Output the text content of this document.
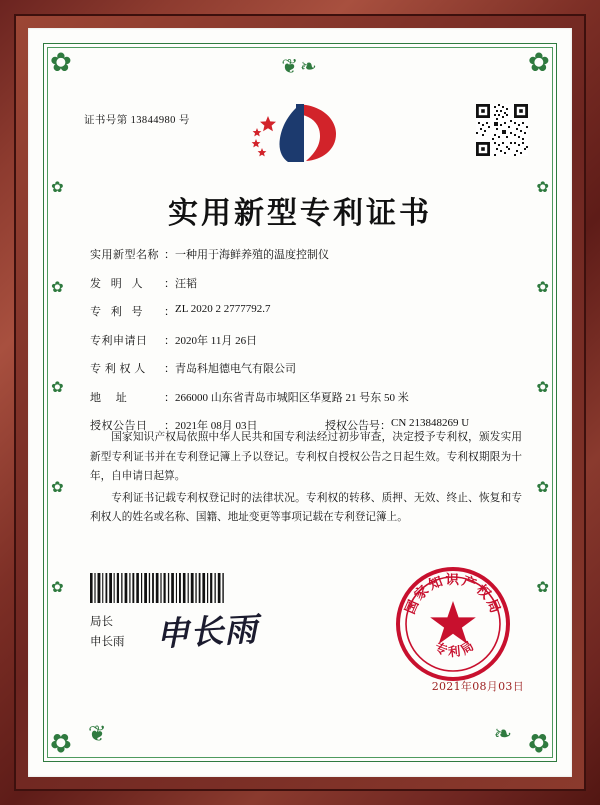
✿	✿
✿	✿
❦❧
✿
✿
✿
✿
✿
✿
✿
✿
✿
✿
❦	❧
证书号第 13844980 号
实用新型专利证书
实用新型名称 ： 一种用于海鲜养殖的温度控制仪
发 明 人	： 汪韬
专 利 号	： ZL 2020 2 2777792.7
专利申请日	： 2020年 11月 26日
专 利 权 人	： 青岛科旭德电气有限公司
地 址	： 266000 山东省青岛市城阳区华夏路 21 号东 50 米
授权公告日	： 2021年 08月 03日	授权公告号 ： CN 213848269 U

国家知识产权局依照中华人民共和国专利法经过初步审查，决定授予专利权，颁发实用新型专利证书并在专利登记簿上予以登记。专利权自授权公告之日起生效。专利权期限为十年，自申请日起算。

专利证书记载专利权登记时的法律状况。专利权的转移、质押、无效、终止、恢复和专利权人的姓名或名称、国籍、地址变更等事项记载在专利登记簿上。

局长
申长雨 申长雨
国家知识产权局
专利局
2021年08月03日
